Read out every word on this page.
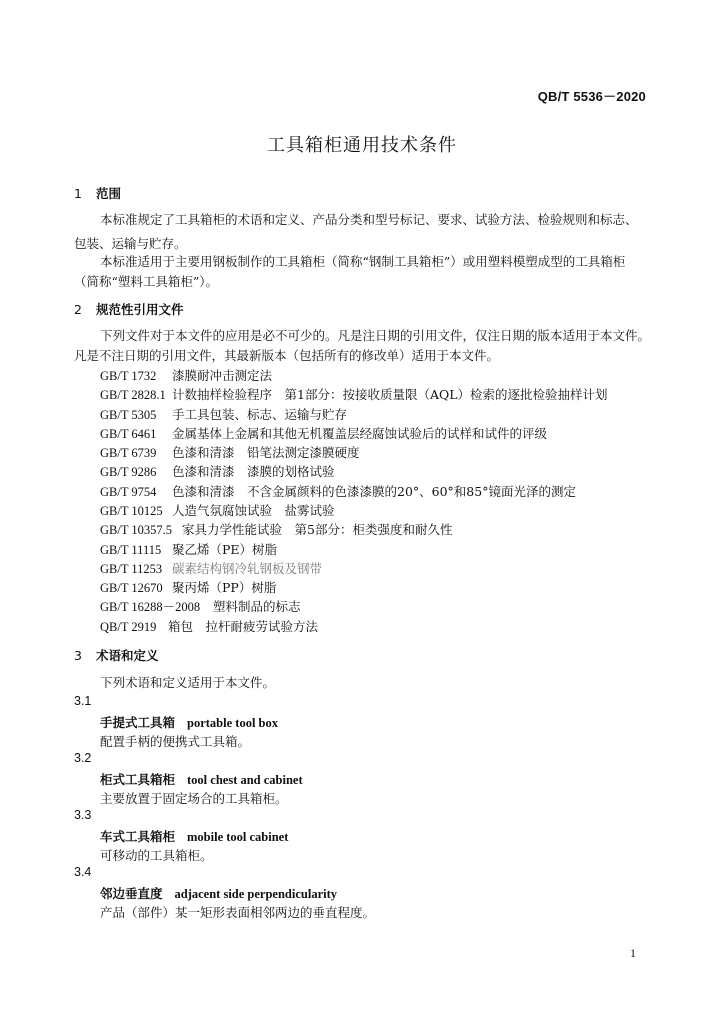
QB/T 5536－2020
工具箱柜通用技术条件
1 范围
本标准规定了工具箱柜的术语和定义、产品分类和型号标记、要求、试验方法、检验规则和标志、
包装、运输与贮存。
本标准适用于主要用钢板制作的工具箱柜（简称“钢制工具箱柜”）或用塑料模塑成型的工具箱柜
（简称“塑料工具箱柜”）。
2 规范性引用文件
下列文件对于本文件的应用是必不可少的。凡是注日期的引用文件，仅注日期的版本适用于本文件。
凡是不注日期的引用文件，其最新版本（包括所有的修改单）适用于本文件。
GB/T 1732 漆膜耐冲击测定法
GB/T 2828.1 计数抽样检验程序　第1部分：按接收质量限（AQL）检索的逐批检验抽样计划
GB/T 5305 手工具包装、标志、运输与贮存
GB/T 6461 金属基体上金属和其他无机覆盖层经腐蚀试验后的试样和试件的评级
GB/T 6739 色漆和清漆　铅笔法测定漆膜硬度
GB/T 9286 色漆和清漆　漆膜的划格试验
GB/T 9754 色漆和清漆　不含金属颜料的色漆漆膜的20°、60°和85°镜面光泽的测定
GB/T 10125 人造气氛腐蚀试验　盐雾试验
GB/T 10357.5 家具力学性能试验　第5部分：柜类强度和耐久性
GB/T 11115 聚乙烯（PE）树脂
GB/T 11253 碳素结构钢冷轧钢板及钢带
GB/T 12670 聚丙烯（PP）树脂
GB/T 16288－2008 塑料制品的标志
QB/T 2919 箱包　拉杆耐疲劳试验方法
3 术语和定义
下列术语和定义适用于本文件。
3.1
手提式工具箱 portable tool box
配置手柄的便携式工具箱。
3.2
柜式工具箱柜 tool chest and cabinet
主要放置于固定场合的工具箱柜。
3.3
车式工具箱柜 mobile tool cabinet
可移动的工具箱柜。
3.4
邻边垂直度 adjacent side perpendicularity
产品（部件）某一矩形表面相邻两边的垂直程度。
1
